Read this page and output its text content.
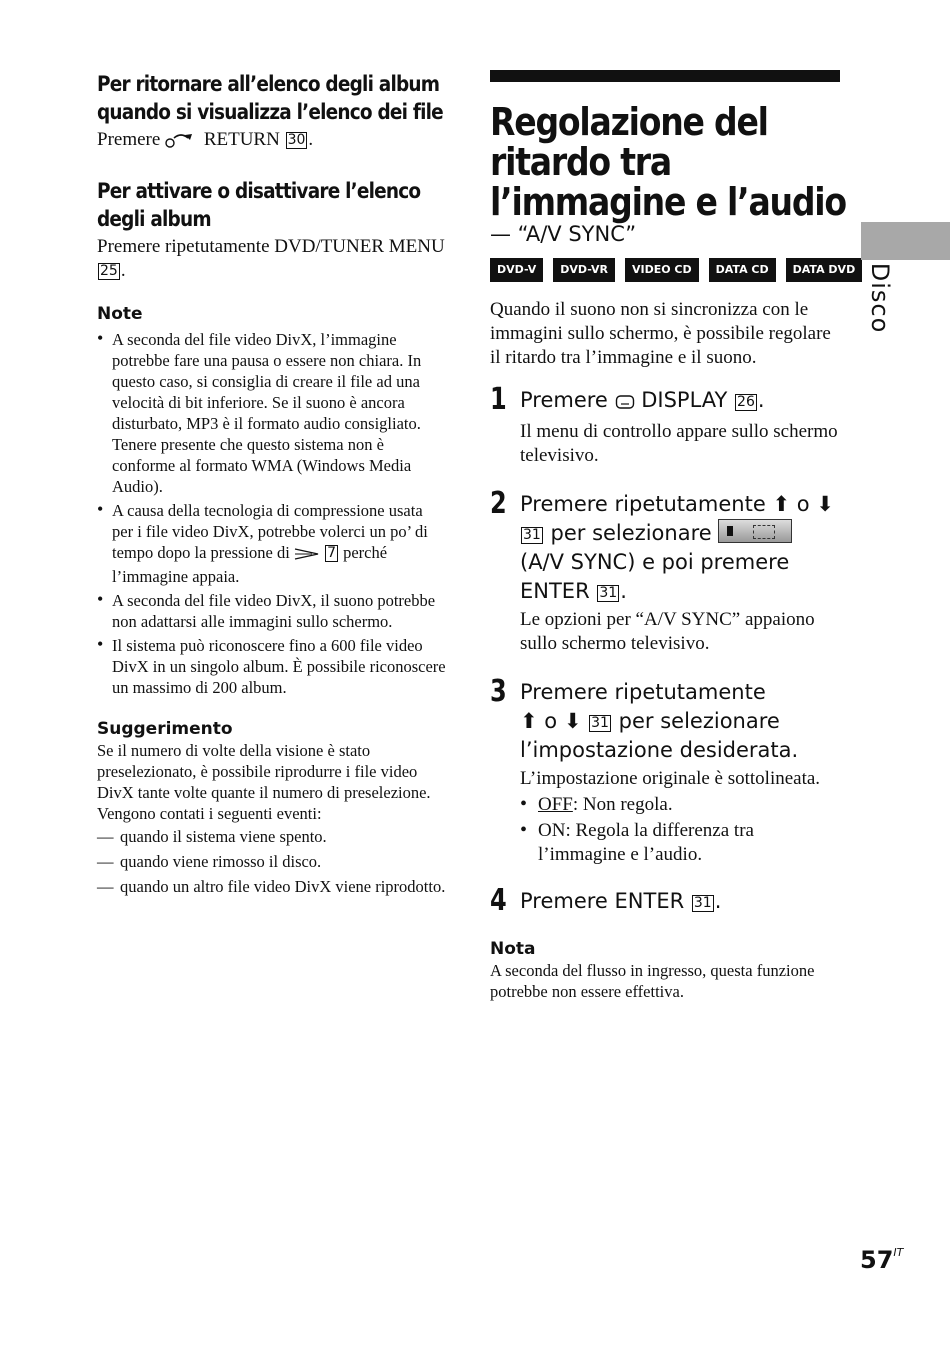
Per ritornare all’elenco degli album quando si visualizza l’elenco dei file

Premere RETURN 30 .

Per attivare o disattivare l’elenco degli album

Premere ripetutamente DVD/TUNER MENU 25 .

Note

• A seconda del file video DivX, l’immagine potrebbe fare una pausa o essere non chiara. In questo caso, si consiglia di creare il file ad una velocità di bit inferiore. Se il suono è ancora disturbato, MP3 è il formato audio consigliato. Tenere presente che questo sistema non è conforme al formato WMA (Windows Media Audio).
• A causa della tecnologia di compressione usata per i file video DivX, potrebbe volerci un po’ di tempo dopo la pressione di	7 perché l’immagine appaia.
• A seconda del file video DivX, il suono potrebbe non adattarsi alle immagini sullo schermo.
• Il sistema può riconoscere fino a 600 file video DivX in un singolo album. È possibile riconoscere un massimo di 200 album.

Suggerimento

Se il numero di volte della visione è stato preselezionato, è possibile riprodurre i file video DivX tante volte quante il numero di preselezione. Vengono contati i seguenti eventi:

— quando il sistema viene spento.
— quando viene rimosso il disco.
— quando un altro file video DivX viene riprodotto.
Regolazione del ritardo tra l’immagine e l’audio

— “A/V SYNC”

DVD-V	DVD-VR	VIDEO CD	DATA CD	DATA DVD

Quando il suono non si sincronizza con le immagini sullo schermo, è possibile regolare il ritardo tra l’immagine e il suono.

1 Premere DISPLAY 26 .

Il menu di controllo appare sullo schermo televisivo.

2 Premere ripetutamente ⬆ o ⬇ 31 per selezionare  (A/V SYNC) e poi premere ENTER 31 .

Le opzioni per “A/V SYNC” appaiono sullo schermo televisivo.

3 Premere ripetutamente
⬆ o ⬇ 31 per selezionare l’impostazione desiderata.

L’impostazione originale è sottolineata.

• OFF: Non regola.
• ON: Regola la differenza tra l’immagine e l’audio.
4 Premere ENTER 31 .

Nota

A seconda del flusso in ingresso, questa funzione potrebbe non essere effettiva.

Disco
$57^{IT}$
